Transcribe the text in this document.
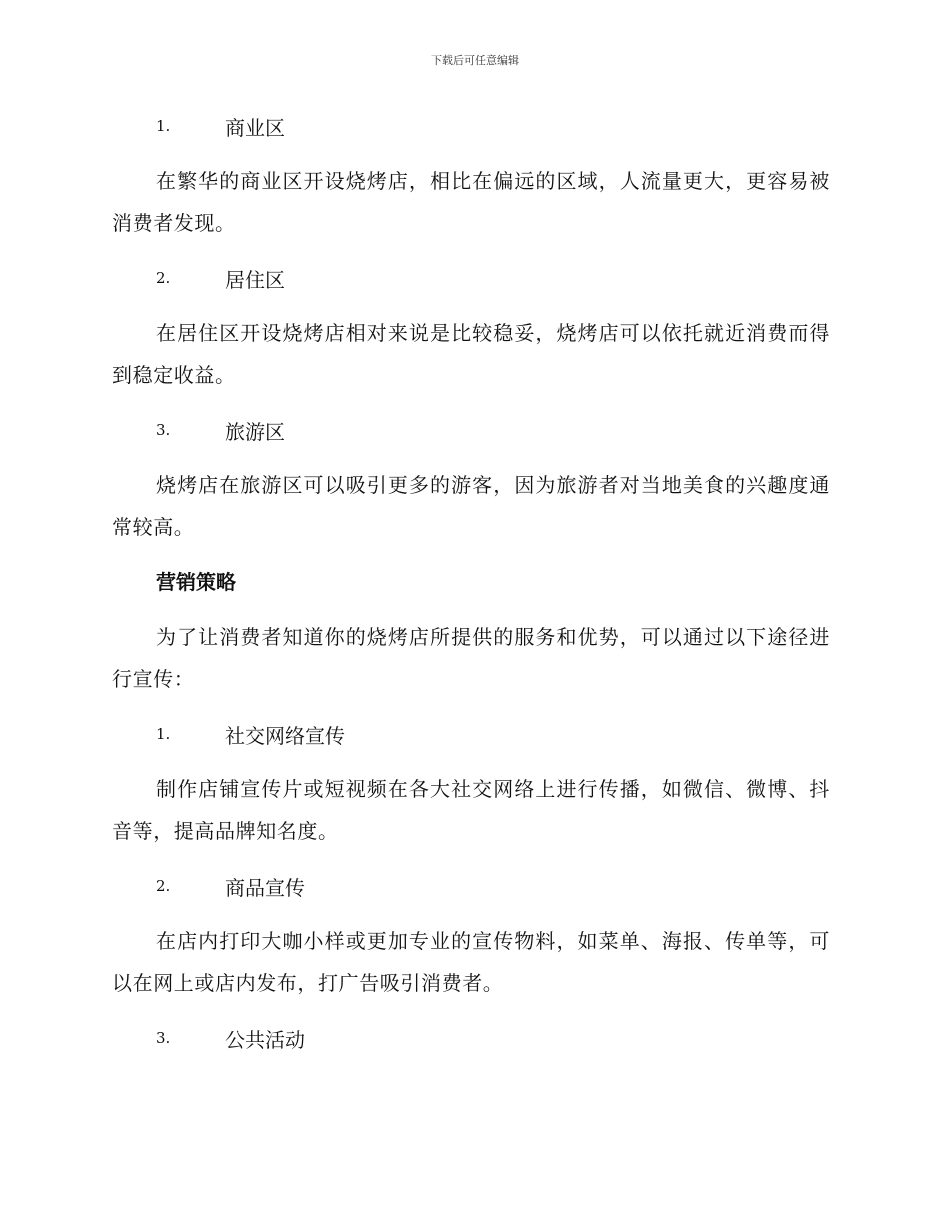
下载后可任意编辑
1.	商业区

在繁华的商业区开设烧烤店，相比在偏远的区域，人流量更大，更容易被消费者发现。

2.	居住区

在居住区开设烧烤店相对来说是比较稳妥，烧烤店可以依托就近消费而得到稳定收益。

3.	旅游区

烧烤店在旅游区可以吸引更多的游客，因为旅游者对当地美食的兴趣度通常较高。

营销策略

为了让消费者知道你的烧烤店所提供的服务和优势，可以通过以下途径进行宣传：

1.	社交网络宣传

制作店铺宣传片或短视频在各大社交网络上进行传播，如微信、微博、抖音等，提高品牌知名度。

2.	商品宣传

在店内打印大咖小样或更加专业的宣传物料，如菜单、海报、传单等，可以在网上或店内发布，打广告吸引消费者。

3.	公共活动
